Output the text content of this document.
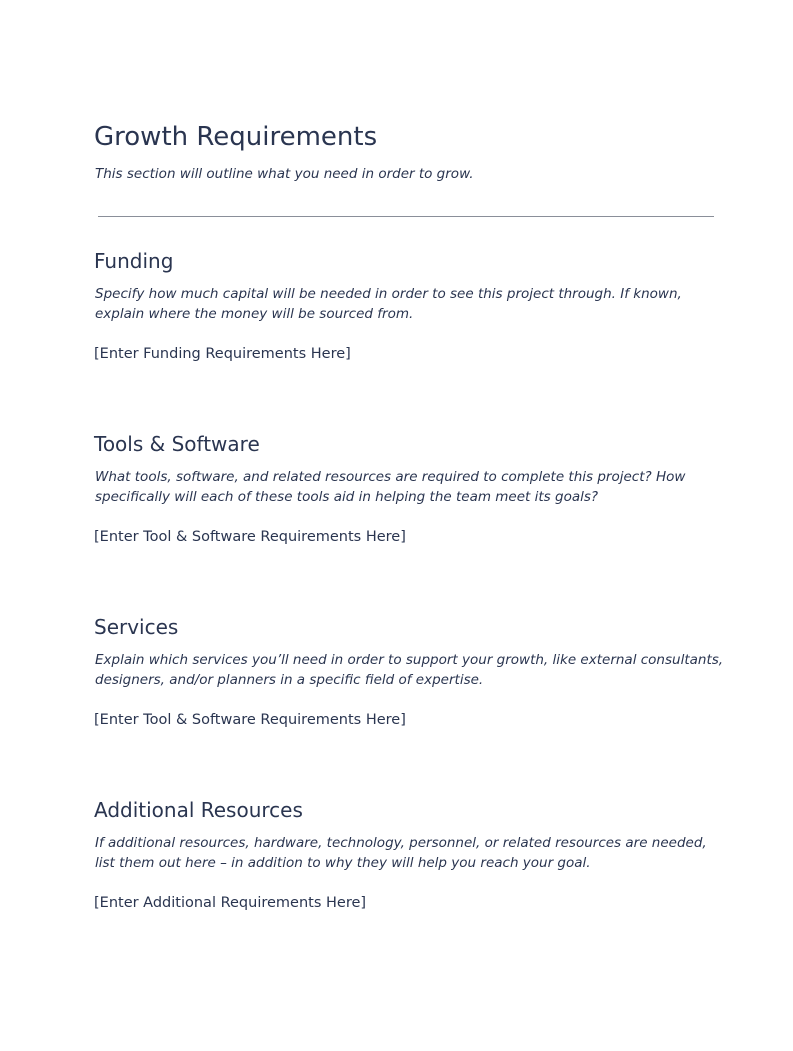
Growth Requirements

This section will outline what you need in order to grow.

Funding

Specify how much capital will be needed in order to see this project through. If known, explain where the money will be sourced from.

[Enter Funding Requirements Here]

Tools & Software

What tools, software, and related resources are required to complete this project? How specifically will each of these tools aid in helping the team meet its goals?

[Enter Tool & Software Requirements Here]

Services

Explain which services you’ll need in order to support your growth, like external consultants, designers, and/or planners in a specific field of expertise.

[Enter Tool & Software Requirements Here]

Additional Resources

If additional resources, hardware, technology, personnel, or related resources are needed, list them out here – in addition to why they will help you reach your goal.

[Enter Additional Requirements Here]
